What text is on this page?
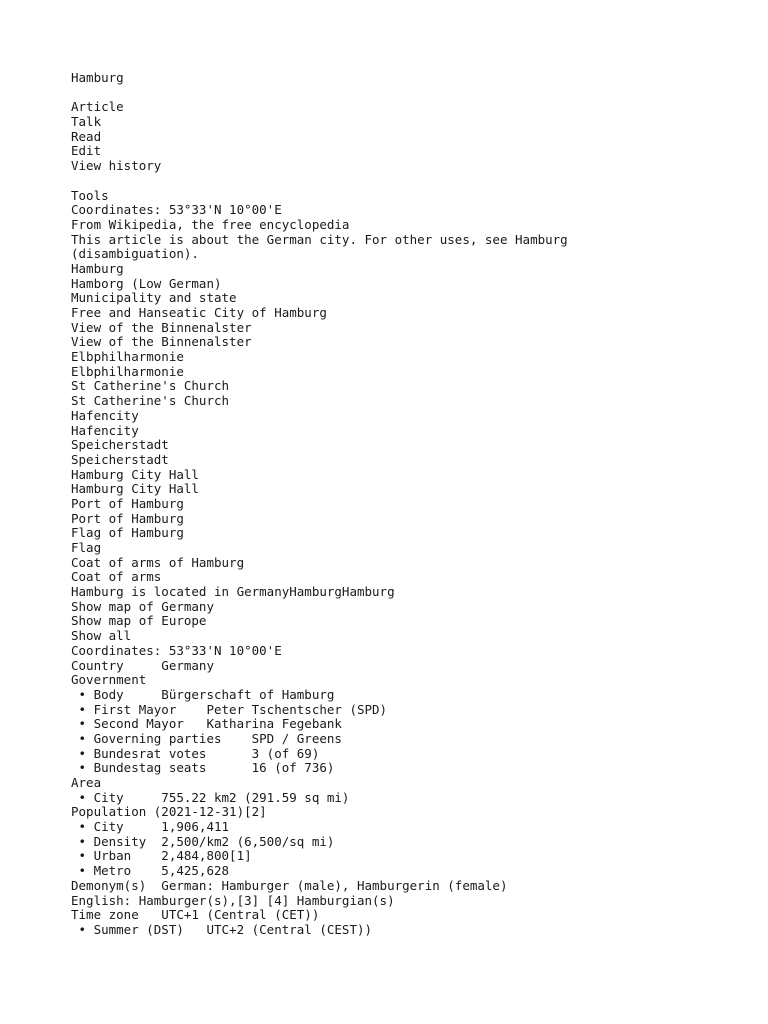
Hamburg
Article
Talk
Read
Edit
View history
Tools
Coordinates: 53°33'N 10°00'E
From Wikipedia, the free encyclopedia
This article is about the German city. For other uses, see Hamburg (disambiguation).
Hamburg
Hamborg (Low German)
Municipality and state
Free and Hanseatic City of Hamburg
View of the Binnenalster
View of the Binnenalster
Elbphilharmonie
Elbphilharmonie
St Catherine's Church
St Catherine's Church
Hafencity
Hafencity
Speicherstadt
Speicherstadt
Hamburg City Hall
Hamburg City Hall
Port of Hamburg
Port of Hamburg
Flag of Hamburg
Flag
Coat of arms of Hamburg
Coat of arms
Hamburg is located in GermanyHamburgHamburg
Show map of Germany
Show map of Europe
Show all
Coordinates: 53°33'N 10°00'E
Country     Germany
Government
• Body     Bürgerschaft of Hamburg
• First Mayor    Peter Tschentscher (SPD)
• Second Mayor   Katharina Fegebank
• Governing parties    SPD / Greens
• Bundesrat votes      3 (of 69)
• Bundestag seats      16 (of 736)
Area
• City     755.22 km2 (291.59 sq mi)
Population (2021-12-31)[2]
• City     1,906,411
• Density  2,500/km2 (6,500/sq mi)
• Urban    2,484,800[1]
• Metro    5,425,628
Demonym(s)  German: Hamburger (male), Hamburgerin (female)
English: Hamburger(s),[3] [4] Hamburgian(s)
Time zone   UTC+1 (Central (CET))
• Summer (DST)   UTC+2 (Central (CEST))
